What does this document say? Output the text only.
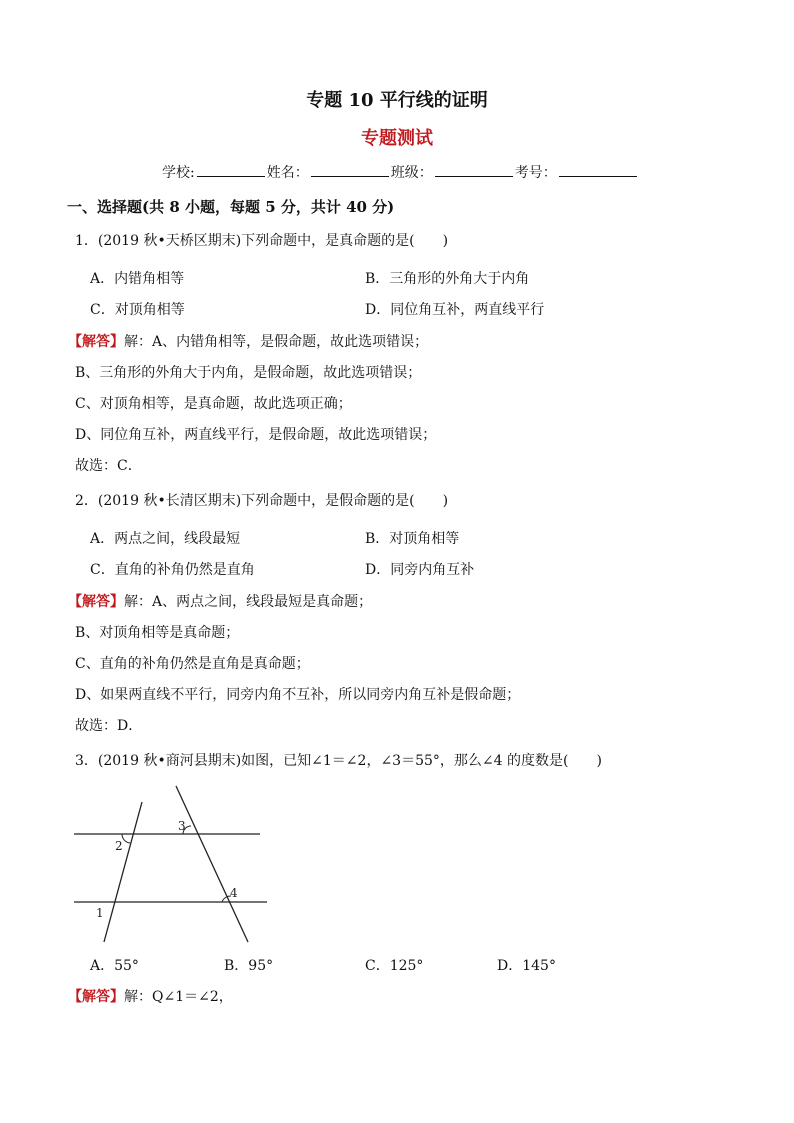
专题 10 平行线的证明
专题测试
学校:	姓名：	班级：	考号：
一、选择题(共 8 小题，每题 5 分，共计 40 分)
1．(2019 秋•天桥区期末)下列命题中，是真命题的是(　　)
A．内错角相等	B．三角形的外角大于内角
C．对顶角相等	D．同位角互补，两直线平行
【解答】解：A、内错角相等，是假命题，故此选项错误；
B、三角形的外角大于内角，是假命题，故此选项错误；
C、对顶角相等，是真命题，故此选项正确；
D、同位角互补，两直线平行，是假命题，故此选项错误；
故选：C．
2．(2019 秋•长清区期末)下列命题中，是假命题的是(　　)
A．两点之间，线段最短	B．对顶角相等
C．直角的补角仍然是直角	D．同旁内角互补
【解答】解：A、两点之间，线段最短是真命题；
B、对顶角相等是真命题；
C、直角的补角仍然是直角是真命题；
D、如果两直线不平行，同旁内角不互补，所以同旁内角互补是假命题；
故选：D．
3．(2019 秋•商河县期末)如图，已知∠1＝∠2，∠3＝55°，那么∠4 的度数是(　　)
1
2
3
4
A．55°	B．95°	C．125°	D．145°
【解答】解：Q∠1＝∠2，
